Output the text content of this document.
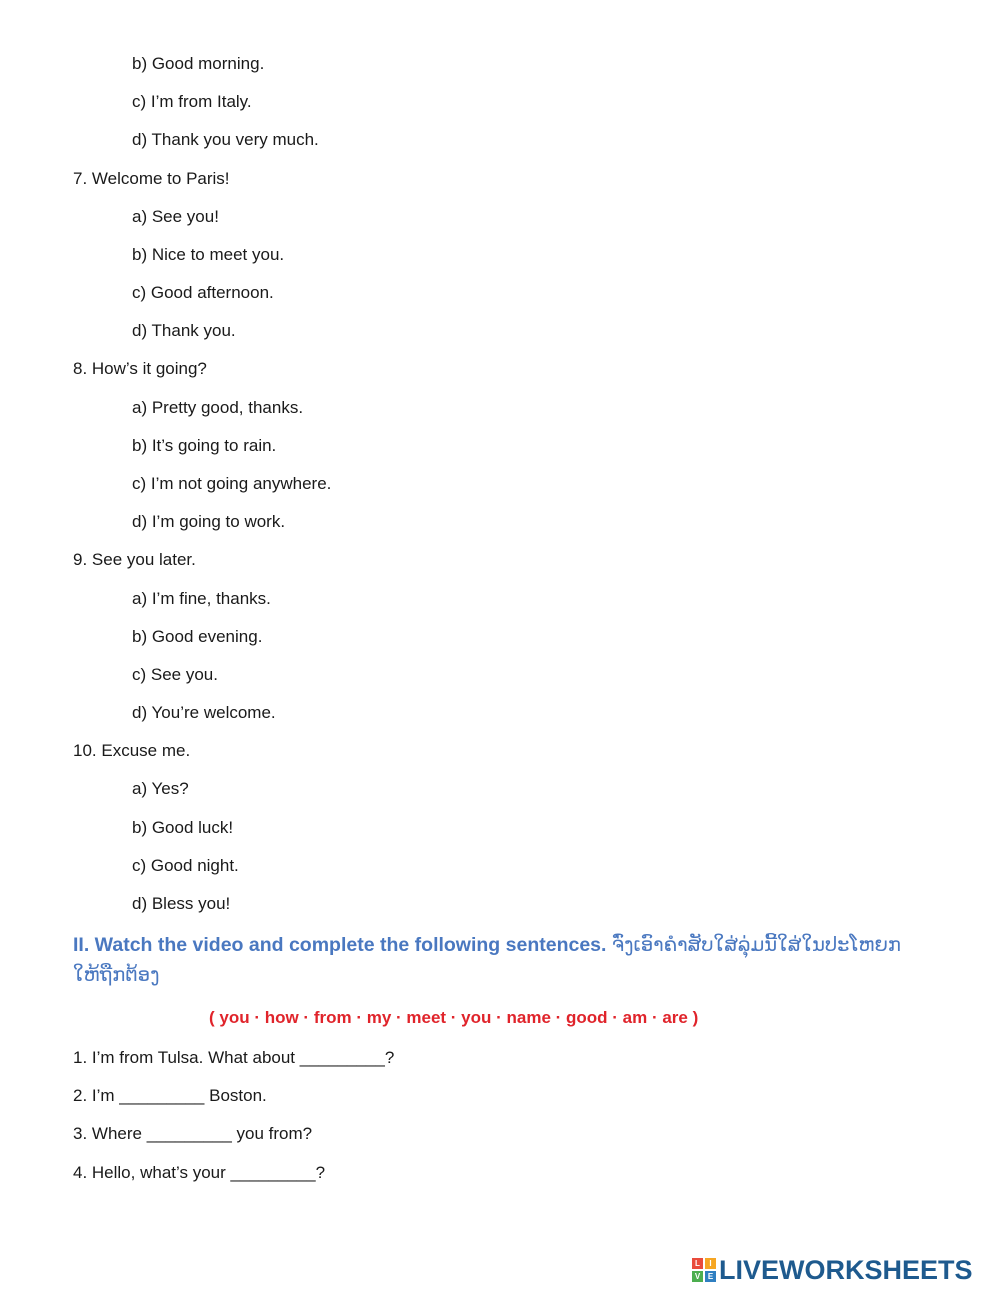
b) Good morning.
c) I’m from Italy.
d) Thank you very much.
7. Welcome to Paris!
a) See you!
b) Nice to meet you.
c) Good afternoon.
d) Thank you.
8. How’s it going?
a) Pretty good, thanks.
b) It’s going to rain.
c) I’m not going anywhere.
d) I’m going to work.
9. See you later.
a) I’m fine, thanks.
b) Good evening.
c) See you.
d) You’re welcome.
10. Excuse me.
a) Yes?
b) Good luck!
c) Good night.
d) Bless you!
II. Watch the video and complete the following sentences. ຈົ່ງເອົາຄຳສັບໃສ່ລຸ່ມນີ້ໃສ່ໃນປະໂຫຍກໃຫ້ຖືກຕ້ອງ
( you · how · from · my · meet · you · name · good · am · are )
1. I’m from Tulsa. What about _________?
2. I’m _________ Boston.
3. Where _________ you from?
4. Hello, what’s your _________?
L	I
V E LIVEWORKSHEETS
